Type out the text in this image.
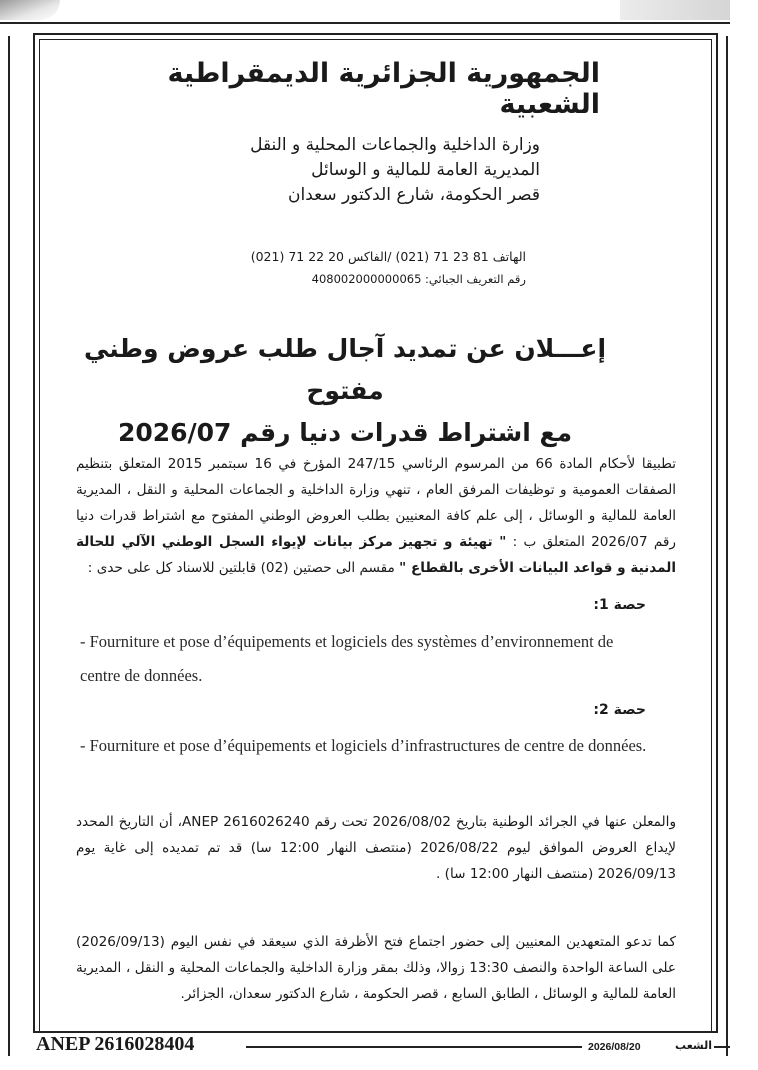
الجمهورية الجزائرية الديمقراطية الشعبية
وزارة الداخلية والجماعات المحلية و النقل
المديرية العامة للمالية و الوسائل
قصر الحكومة، شارع الدكتور سعدان
الهاتف 81 23 71 (021) /الفاكس 20 22 71 (021)
رقم التعريف الجبائي: 408002000000065
إعـــلان عن تمديد آجال طلب عروض وطني مفتوح
مع اشتراط قدرات دنيا رقم 2026/07
تطبيقا لأحكام المادة 66 من المرسوم الرئاسي 247/15 المؤرخ في 16 سبتمبر 2015 المتعلق بتنظيم الصفقات العمومية و توظيفات المرفق العام ، تنهي وزارة الداخلية و الجماعات المحلية و النقل ، المديرية العامة للمالية و الوسائل ، إلى علم كافة المعنيين بطلب العروض الوطني المفتوح مع اشتراط قدرات دنيا رقم 2026/07 المتعلق ب : " تهيئة و تجهيز مركز بيانات لإيواء السجل الوطني الآلي للحالة المدنية و قواعد البيانات الأخرى بالقطاع " مقسم الى حصتين (02) قابلتين للاسناد كل على حدى :
حصة 1:
- Fourniture et pose d’équipements et logiciels des systèmes d’environnement de centre de données.
حصة 2:
- Fourniture et pose d’équipements et logiciels d’infrastructures de centre de données.
والمعلن عنها في الجرائد الوطنية بتاريخ 2026/08/02 تحت رقم ANEP 2616026240، أن التاريخ المحدد لإيداع العروض الموافق ليوم 2026/08/22 (منتصف النهار 12:00 سا) قد تم تمديده إلى غاية يوم 2026/09/13 (منتصف النهار 12:00 سا) .
كما تدعو المتعهدين المعنيين إلى حضور اجتماع فتح الأظرفة الذي سيعقد في نفس اليوم (2026/09/13) على الساعة الواحدة والنصف 13:30 زوالا، وذلك بمقر وزارة الداخلية والجماعات المحلية و النقل ، المديرية العامة للمالية و الوسائل ، الطابق السابع ، قصر الحكومة ، شارع الدكتور سعدان، الجزائر.
ANEP 2616028404	2026/08/20	الشعب
